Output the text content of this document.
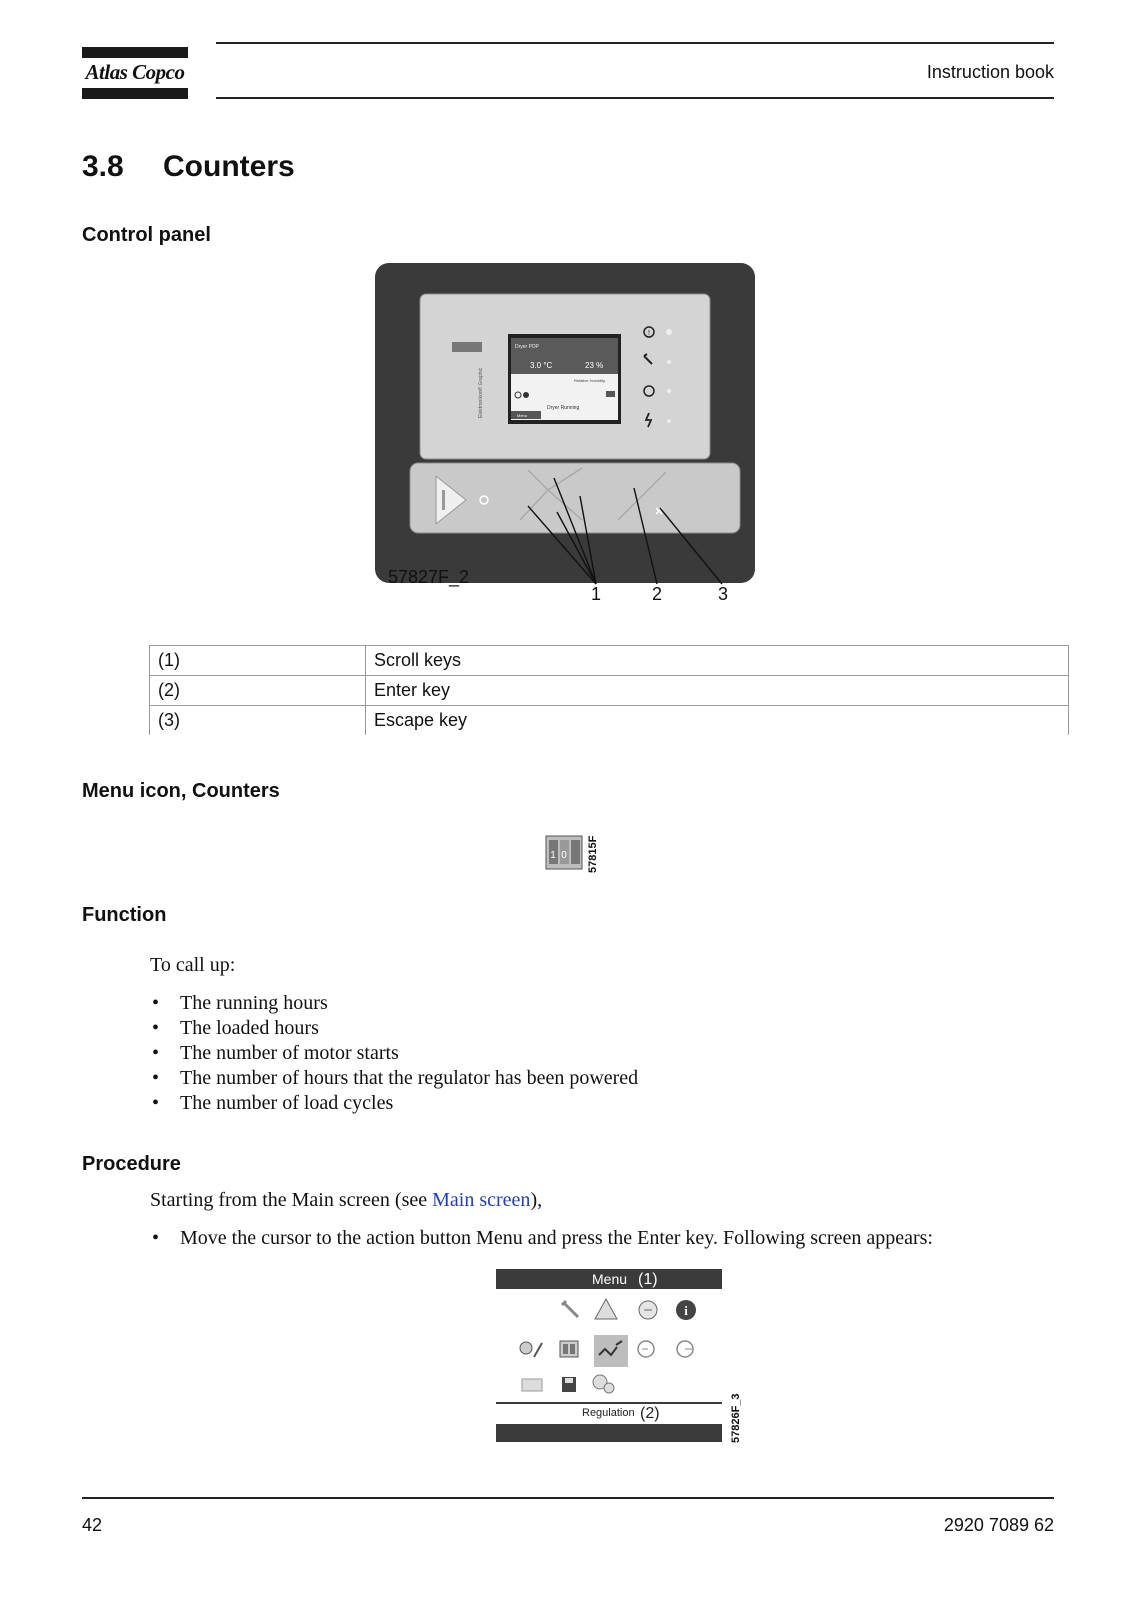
Atlas Copco	Instruction book
3.8 Counters
Control panel
Elektronikon® Graphic
Dryer PDP
3.0 °C	23 %
Relative Humidity
Dryer Running
Menu
!
57827F_2
1	2	3
(1)	Scroll keys
(2)	Enter key
(3)	Escape key
Menu icon, Counters
1 0 57815F
Function
To call up:
• The running hours
• The loaded hours
• The number of motor starts
• The number of hours that the regulator has been powered
• The number of load cycles
Procedure
Starting from the Main screen (see Main screen),
• Move the cursor to the action button Menu and press the Enter key. Following screen appears:
Menu (1)
i
Regulation (2)	57826F_3
42	2920 7089 62
